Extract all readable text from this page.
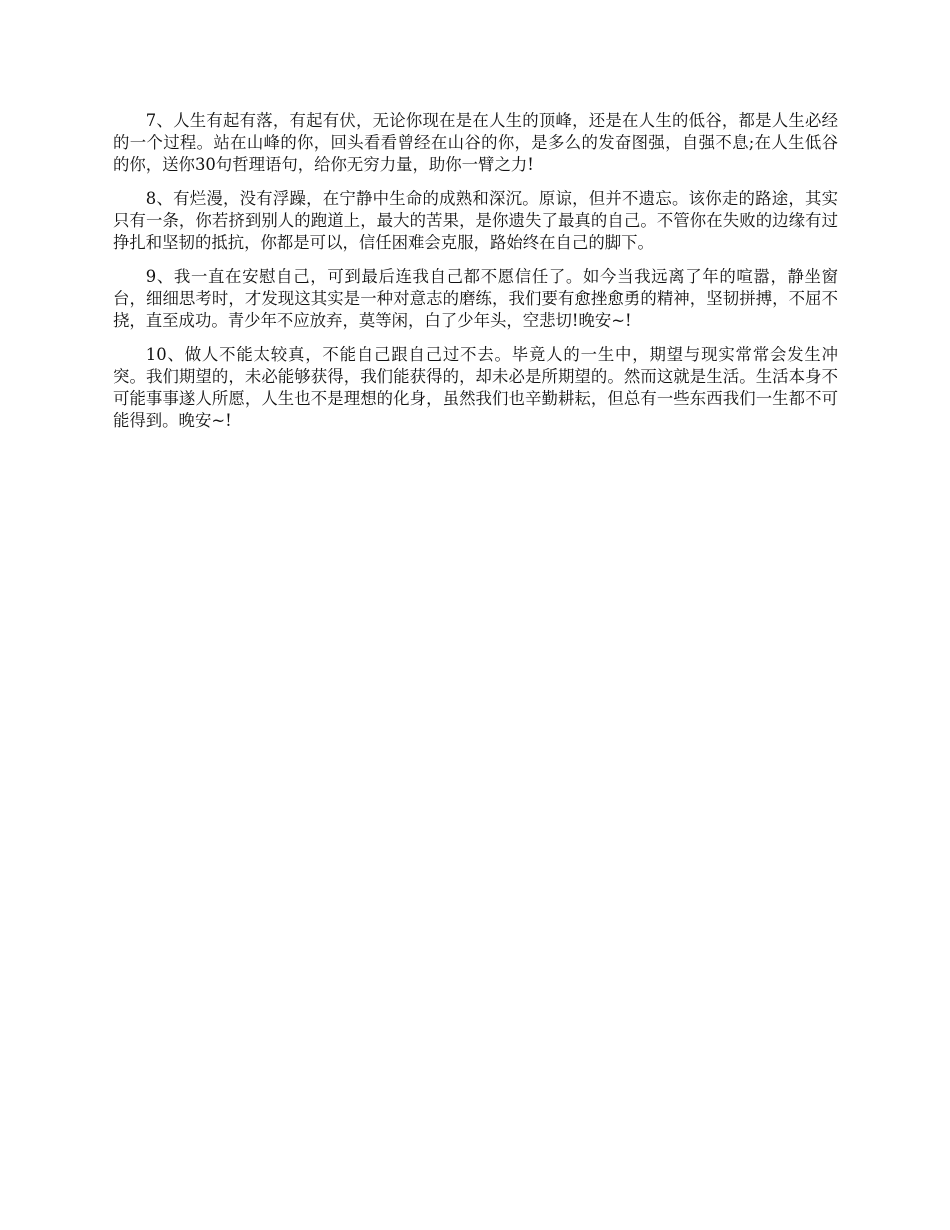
7、人生有起有落，有起有伏，无论你现在是在人生的顶峰，还是在人生的低谷，都是人生必经的一个过程。站在山峰的你，回头看看曾经在山谷的你，是多么的发奋图强，自强不息;在人生低谷的你，送你30句哲理语句，给你无穷力量，助你一臂之力!

8、有烂漫，没有浮躁，在宁静中生命的成熟和深沉。原谅，但并不遗忘。该你走的路途，其实只有一条，你若挤到别人的跑道上，最大的苦果，是你遗失了最真的自己。不管你在失败的边缘有过挣扎和坚韧的抵抗，你都是可以，信任困难会克服，路始终在自己的脚下。

9、我一直在安慰自己，可到最后连我自己都不愿信任了。如今当我远离了年的喧嚣，静坐窗台，细细思考时，才发现这其实是一种对意志的磨练，我们要有愈挫愈勇的精神，坚韧拼搏，不屈不挠，直至成功。青少年不应放弃，莫等闲，白了少年头，空悲切!晚安~!

10、做人不能太较真，不能自己跟自己过不去。毕竟人的一生中，期望与现实常常会发生冲突。我们期望的，未必能够获得，我们能获得的，却未必是所期望的。然而这就是生活。生活本身不可能事事遂人所愿，人生也不是理想的化身，虽然我们也辛勤耕耘，但总有一些东西我们一生都不可能得到。晚安~!
